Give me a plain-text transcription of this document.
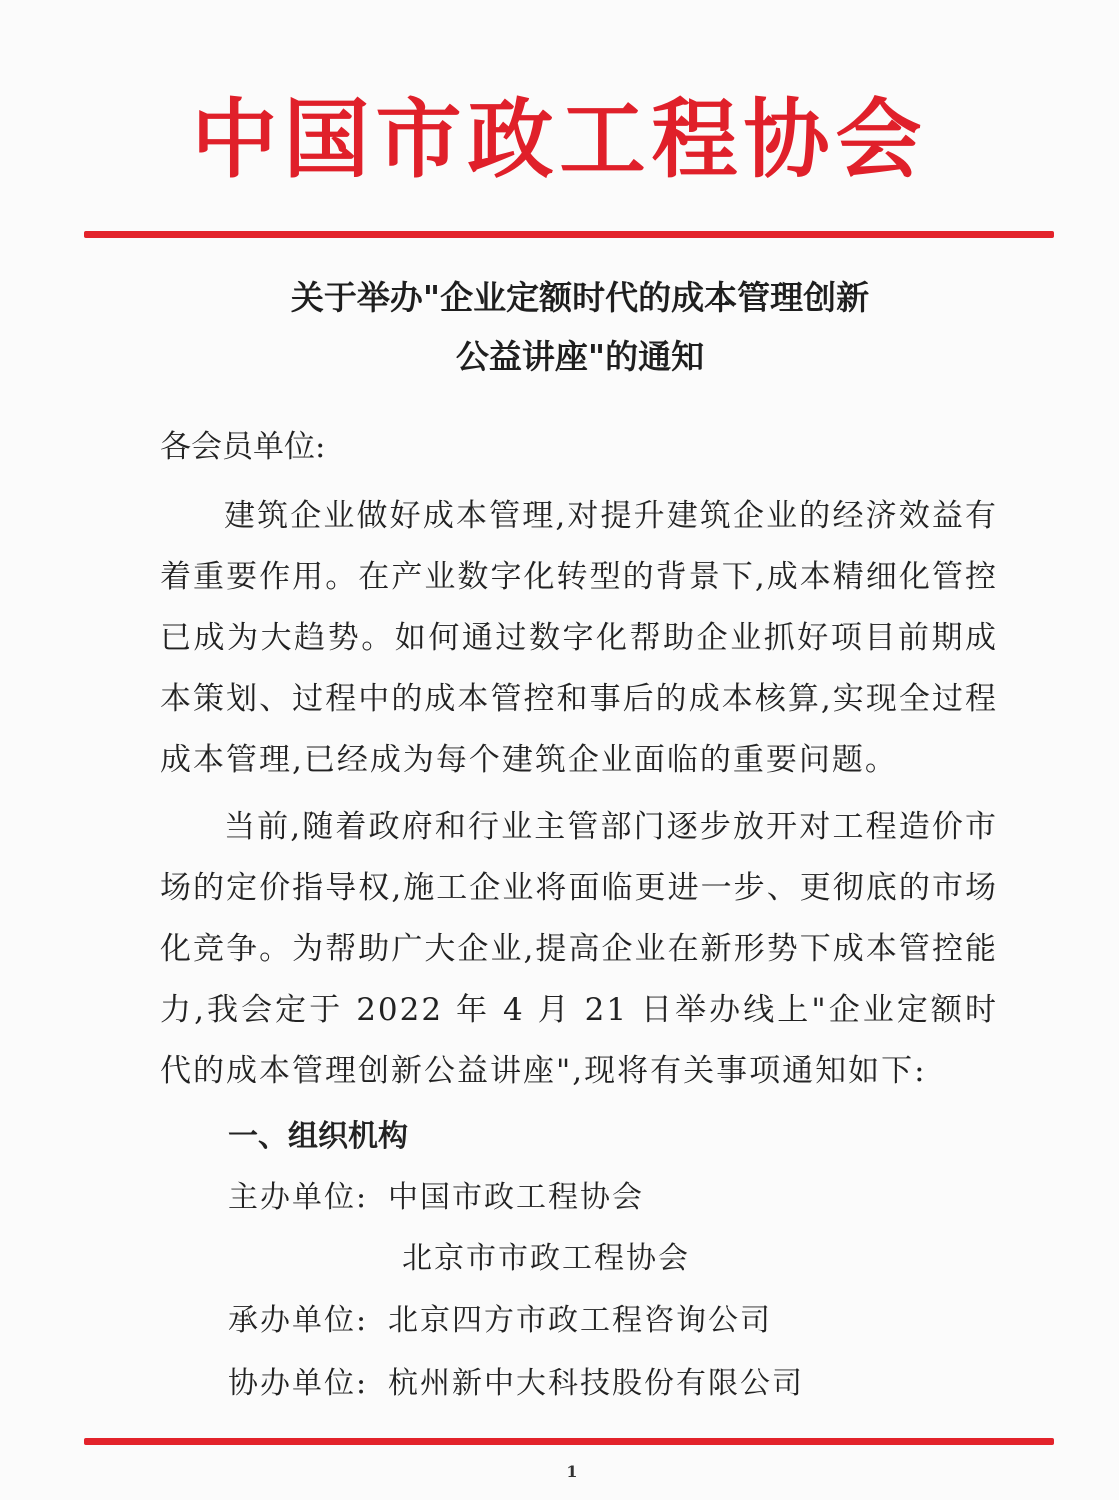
中国市政工程协会
关于举办"企业定额时代的成本管理创新
公益讲座"的通知
各会员单位:
建筑企业做好成本管理,对提升建筑企业的经济效益有着重要作用。在产业数字化转型的背景下,成本精细化管控已成为大趋势。如何通过数字化帮助企业抓好项目前期成本策划、过程中的成本管控和事后的成本核算,实现全过程成本管理,已经成为每个建筑企业面临的重要问题。
当前,随着政府和行业主管部门逐步放开对工程造价市场的定价指导权,施工企业将面临更进一步、更彻底的市场化竞争。为帮助广大企业,提高企业在新形势下成本管控能力,我会定于 2022 年 4 月 21 日举办线上"企业定额时代的成本管理创新公益讲座",现将有关事项通知如下:
一、组织机构
主办单位: 中国市政工程协会
北京市市政工程协会
承办单位: 北京四方市政工程咨询公司
协办单位: 杭州新中大科技股份有限公司
1
